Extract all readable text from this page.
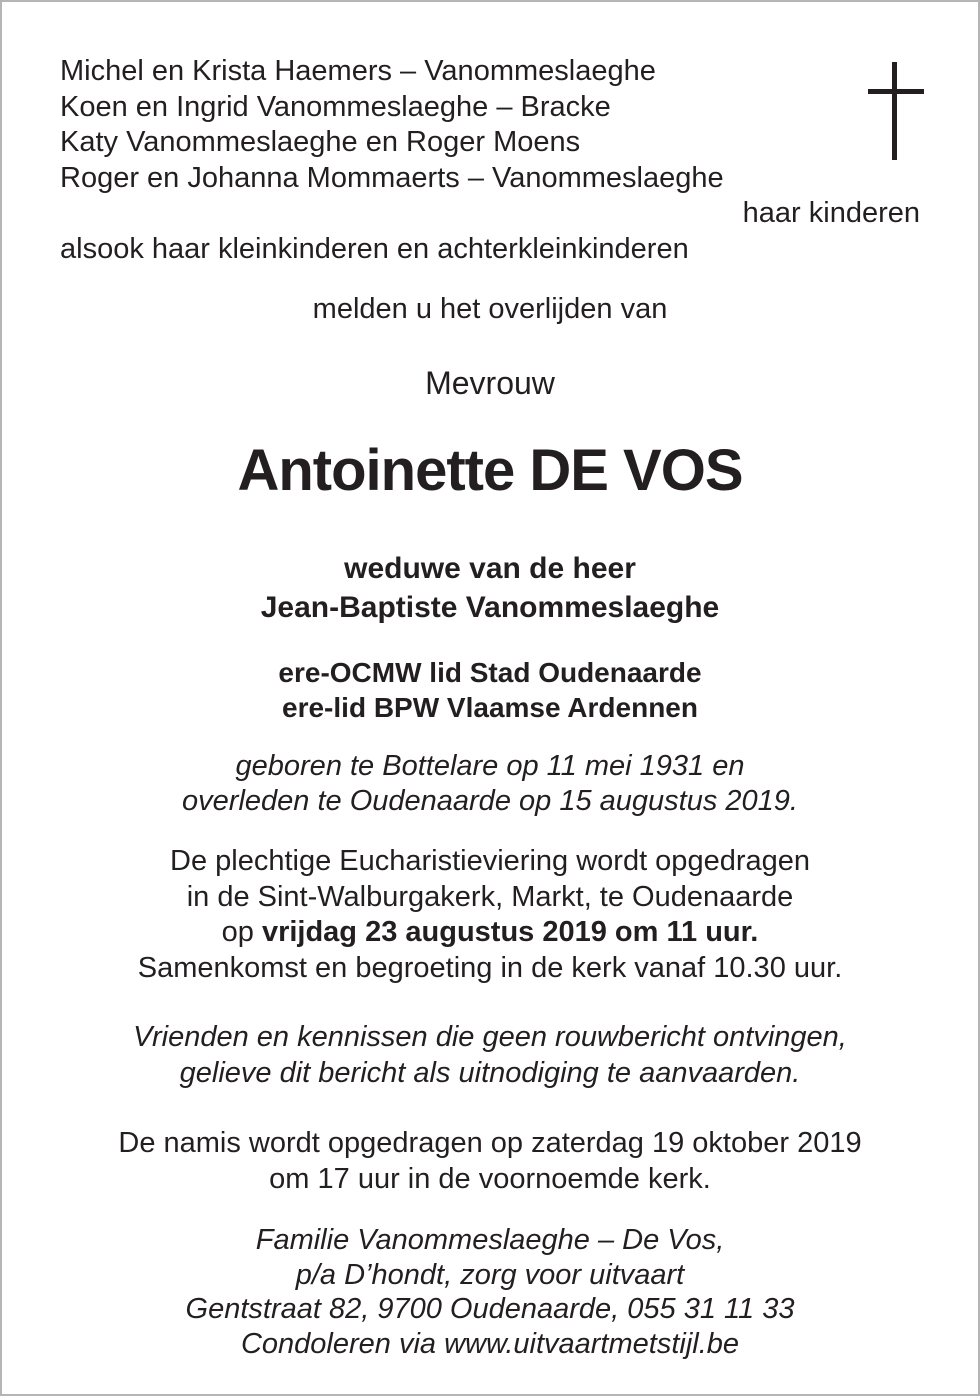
Michel en Krista Haemers – Vanommeslaeghe
Koen en Ingrid Vanommeslaeghe – Bracke
Katy Vanommeslaeghe en Roger Moens
Roger en Johanna Mommaerts – Vanommeslaeghe
haar kinderen
alsook haar kleinkinderen en achterkleinkinderen
melden u het overlijden van
Mevrouw
Antoinette DE VOS
weduwe van de heer
Jean-Baptiste Vanommeslaeghe
ere-OCMW lid Stad Oudenaarde
ere-lid BPW Vlaamse Ardennen
geboren te Bottelare op 11 mei 1931 en
overleden te Oudenaarde op 15 augustus 2019.
De plechtige Eucharistieviering wordt opgedragen
in de Sint-Walburgakerk, Markt, te Oudenaarde
op vrijdag 23 augustus 2019 om 11 uur.
Samenkomst en begroeting in de kerk vanaf 10.30 uur.
Vrienden en kennissen die geen rouwbericht ontvingen,
gelieve dit bericht als uitnodiging te aanvaarden.
De namis wordt opgedragen op zaterdag 19 oktober 2019
om 17 uur in de voornoemde kerk.
Familie Vanommeslaeghe – De Vos,
p/a D’hondt, zorg voor uitvaart
Gentstraat 82, 9700 Oudenaarde, 055 31 11 33
Condoleren via www.uitvaartmetstijl.be
